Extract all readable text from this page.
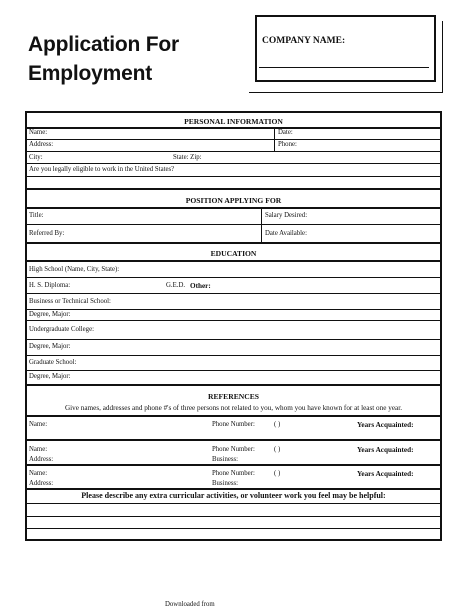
Application For
Employment
COMPANY NAME:
PERSONAL INFORMATION
Name:	Date:
Address:	Phone:
City:	State: Zip:
Are you legally eligible to work in the United States?
POSITION APPLYING FOR
Title:	Salary Desired:
Referred By:	Date Available:
EDUCATION
High School (Name, City, State):
H. S. Diploma:	G.E.D. Other:
Business or Technical School:
Degree, Major:
Undergraduate College:
Degree, Major:
Graduate School:
Degree, Major:
REFERENCES
Give names, addresses and phone #'s of three persons not related to you, whom you have known for at least one year.
Name:	Phone Number:	( )	Years Acquainted:
Name:	Phone Number:	( )	Years Acquainted:
Address:	Business:
Name:	Phone Number:	( )	Years Acquainted:
Address:	Business:
Please describe any extra curricular activities, or volunteer work you feel may be helpful:
Downloaded from
